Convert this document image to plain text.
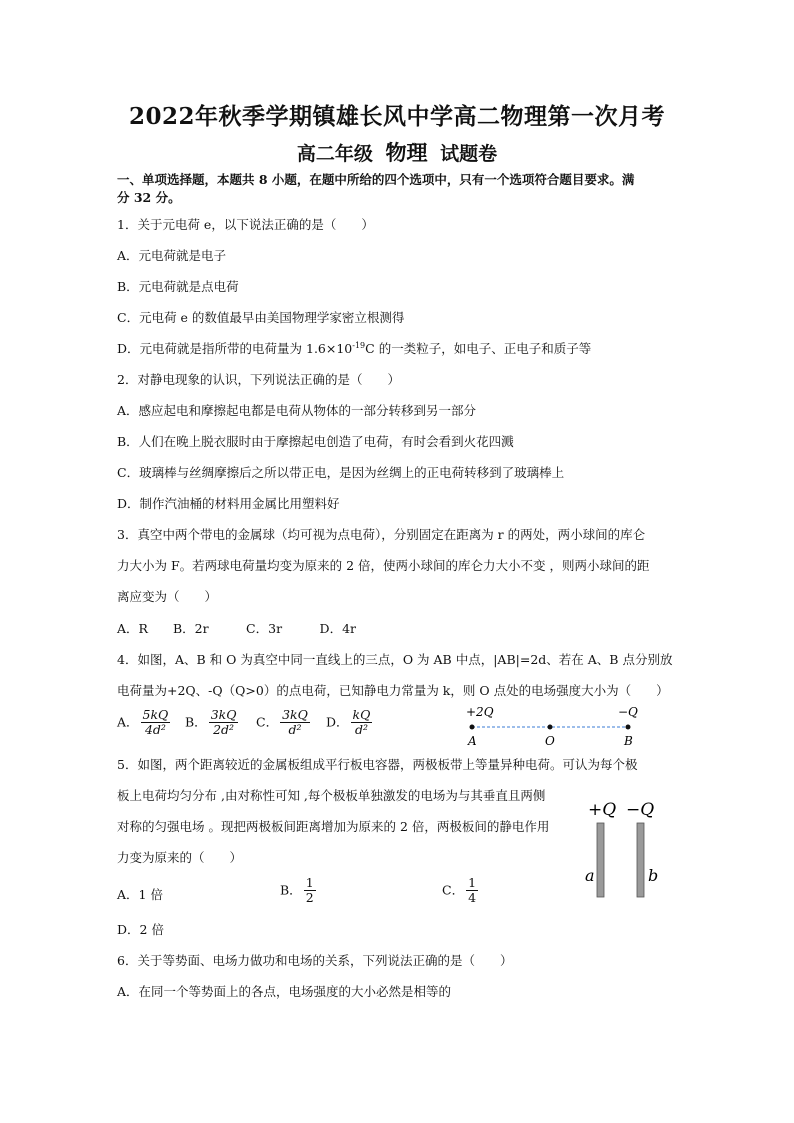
2022年秋季学期镇雄长风中学高二物理第一次月考
高二年级 物理 试题卷
一、单项选择题，本题共 8 小题，在题中所给的四个选项中，只有一个选项符合题目要求。满
分 32 分。
1．关于元电荷 e，以下说法正确的是（　　）
A．元电荷就是电子
B．元电荷就是点电荷
C．元电荷 e 的数值最早由美国物理学家密立根测得
D．元电荷就是指所带的电荷量为 $1.6\times 10^{-19}C$ 的一类粒子，如电子、正电子和质子等
2．对静电现象的认识，下列说法正确的是（　　）
A．感应起电和摩擦起电都是电荷从物体的一部分转移到另一部分
B．人们在晚上脱衣服时由于摩擦起电创造了电荷，有时会看到火花四溅
C．玻璃棒与丝绸摩擦后之所以带正电，是因为丝绸上的正电荷转移到了玻璃棒上
D．制作汽油桶的材料用金属比用塑料好
3．真空中两个带电的金属球（均可视为点电荷），分别固定在距离为 r 的两处，两小球间的库仑
力大小为 F。若两球电荷量均变为原来的 2 倍，使两小球间的库仑力大小不变 ，则两小球间的距
离应变为（　　）
A．R　　B．2r　　　C．3r　　　D．4r
4．如图，A、B 和 O 为真空中同一直线上的三点，O 为 AB 中点，|AB|=2d、若在 A、B 点分别放
电荷量为+2Q、-Q（Q>0）的点电荷，已知静电力常量为 k，则 O 点处的电场强度大小为（　　）
A． $\frac{5kQ}{\text{4d²}}$ B． $\frac{3kQ}{\text{2d²}}$ C． $\frac{3kQ}{\text{d²}}$ D． $\frac{kQ}{\text{d²}}$	+2Q	−Q
A	O	B
5．如图，两个距离较近的金属板组成平行板电容器，两极板带上等量异种电荷。可认为每个极
板上电荷均匀分布 ,由对称性可知 ,每个极板单独激发的电场为与其垂直且两侧
对称的匀强电场 。现把两极板间距离增加为原来的 2 倍，两极板间的静电作用
力变为原来的（　　）
A．1 倍	B． $\frac{1}{2}$	C． $\frac{1}{4}$
D．2 倍
+Q −Q
a	b
6．关于等势面、电场力做功和电场的关系，下列说法正确的是（　　）
A．在同一个等势面上的各点，电场强度的大小必然是相等的
